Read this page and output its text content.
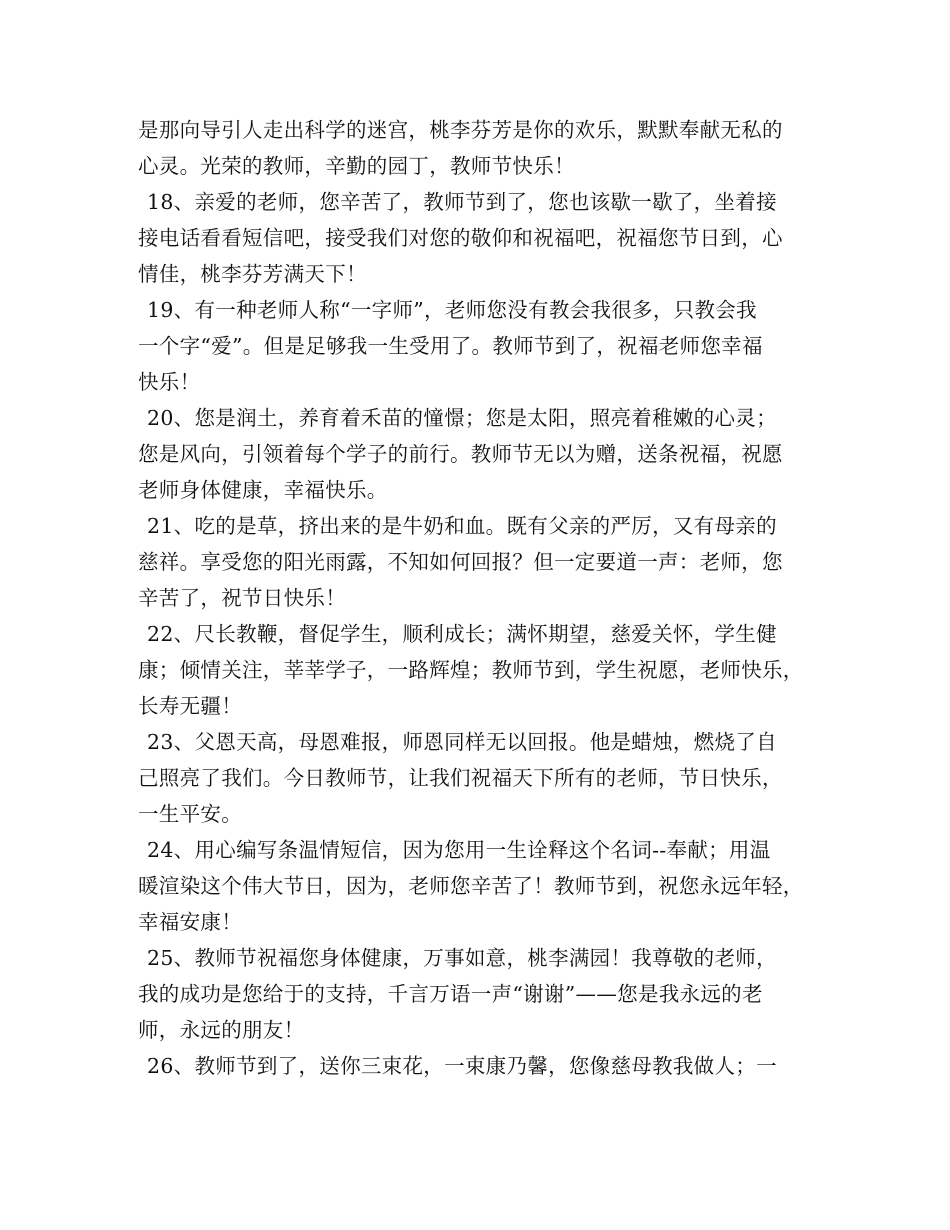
是那向导引人走出科学的迷宫，桃李芬芳是你的欢乐，默默奉献无私的
心灵。光荣的教师，辛勤的园丁，教师节快乐！
18、亲爱的老师，您辛苦了，教师节到了，您也该歇一歇了，坐着接
接电话看看短信吧，接受我们对您的敬仰和祝福吧，祝福您节日到，心
情佳，桃李芬芳满天下！
19、有一种老师人称“一字师”，老师您没有教会我很多，只教会我
一个字“爱”。但是足够我一生受用了。教师节到了，祝福老师您幸福
快乐！
20、您是润土，养育着禾苗的憧憬；您是太阳，照亮着稚嫩的心灵；
您是风向，引领着每个学子的前行。教师节无以为赠，送条祝福，祝愿
老师身体健康，幸福快乐。
21、吃的是草，挤出来的是牛奶和血。既有父亲的严厉，又有母亲的
慈祥。享受您的阳光雨露，不知如何回报？但一定要道一声：老师，您
辛苦了，祝节日快乐！
22、尺长教鞭，督促学生，顺利成长；满怀期望，慈爱关怀，学生健
康；倾情关注，莘莘学子，一路辉煌；教师节到，学生祝愿，老师快乐，
长寿无疆！
23、父恩天高，母恩难报，师恩同样无以回报。他是蜡烛，燃烧了自
己照亮了我们。今日教师节，让我们祝福天下所有的老师，节日快乐，
一生平安。
24、用心编写条温情短信，因为您用一生诠释这个名词--奉献；用温
暖渲染这个伟大节日，因为，老师您辛苦了！教师节到，祝您永远年轻，
幸福安康！
25、教师节祝福您身体健康，万事如意，桃李满园！我尊敬的老师，
我的成功是您给于的支持，千言万语一声“谢谢”——您是我永远的老
师，永远的朋友！
26、教师节到了，送你三束花，一束康乃馨，您像慈母教我做人；一
